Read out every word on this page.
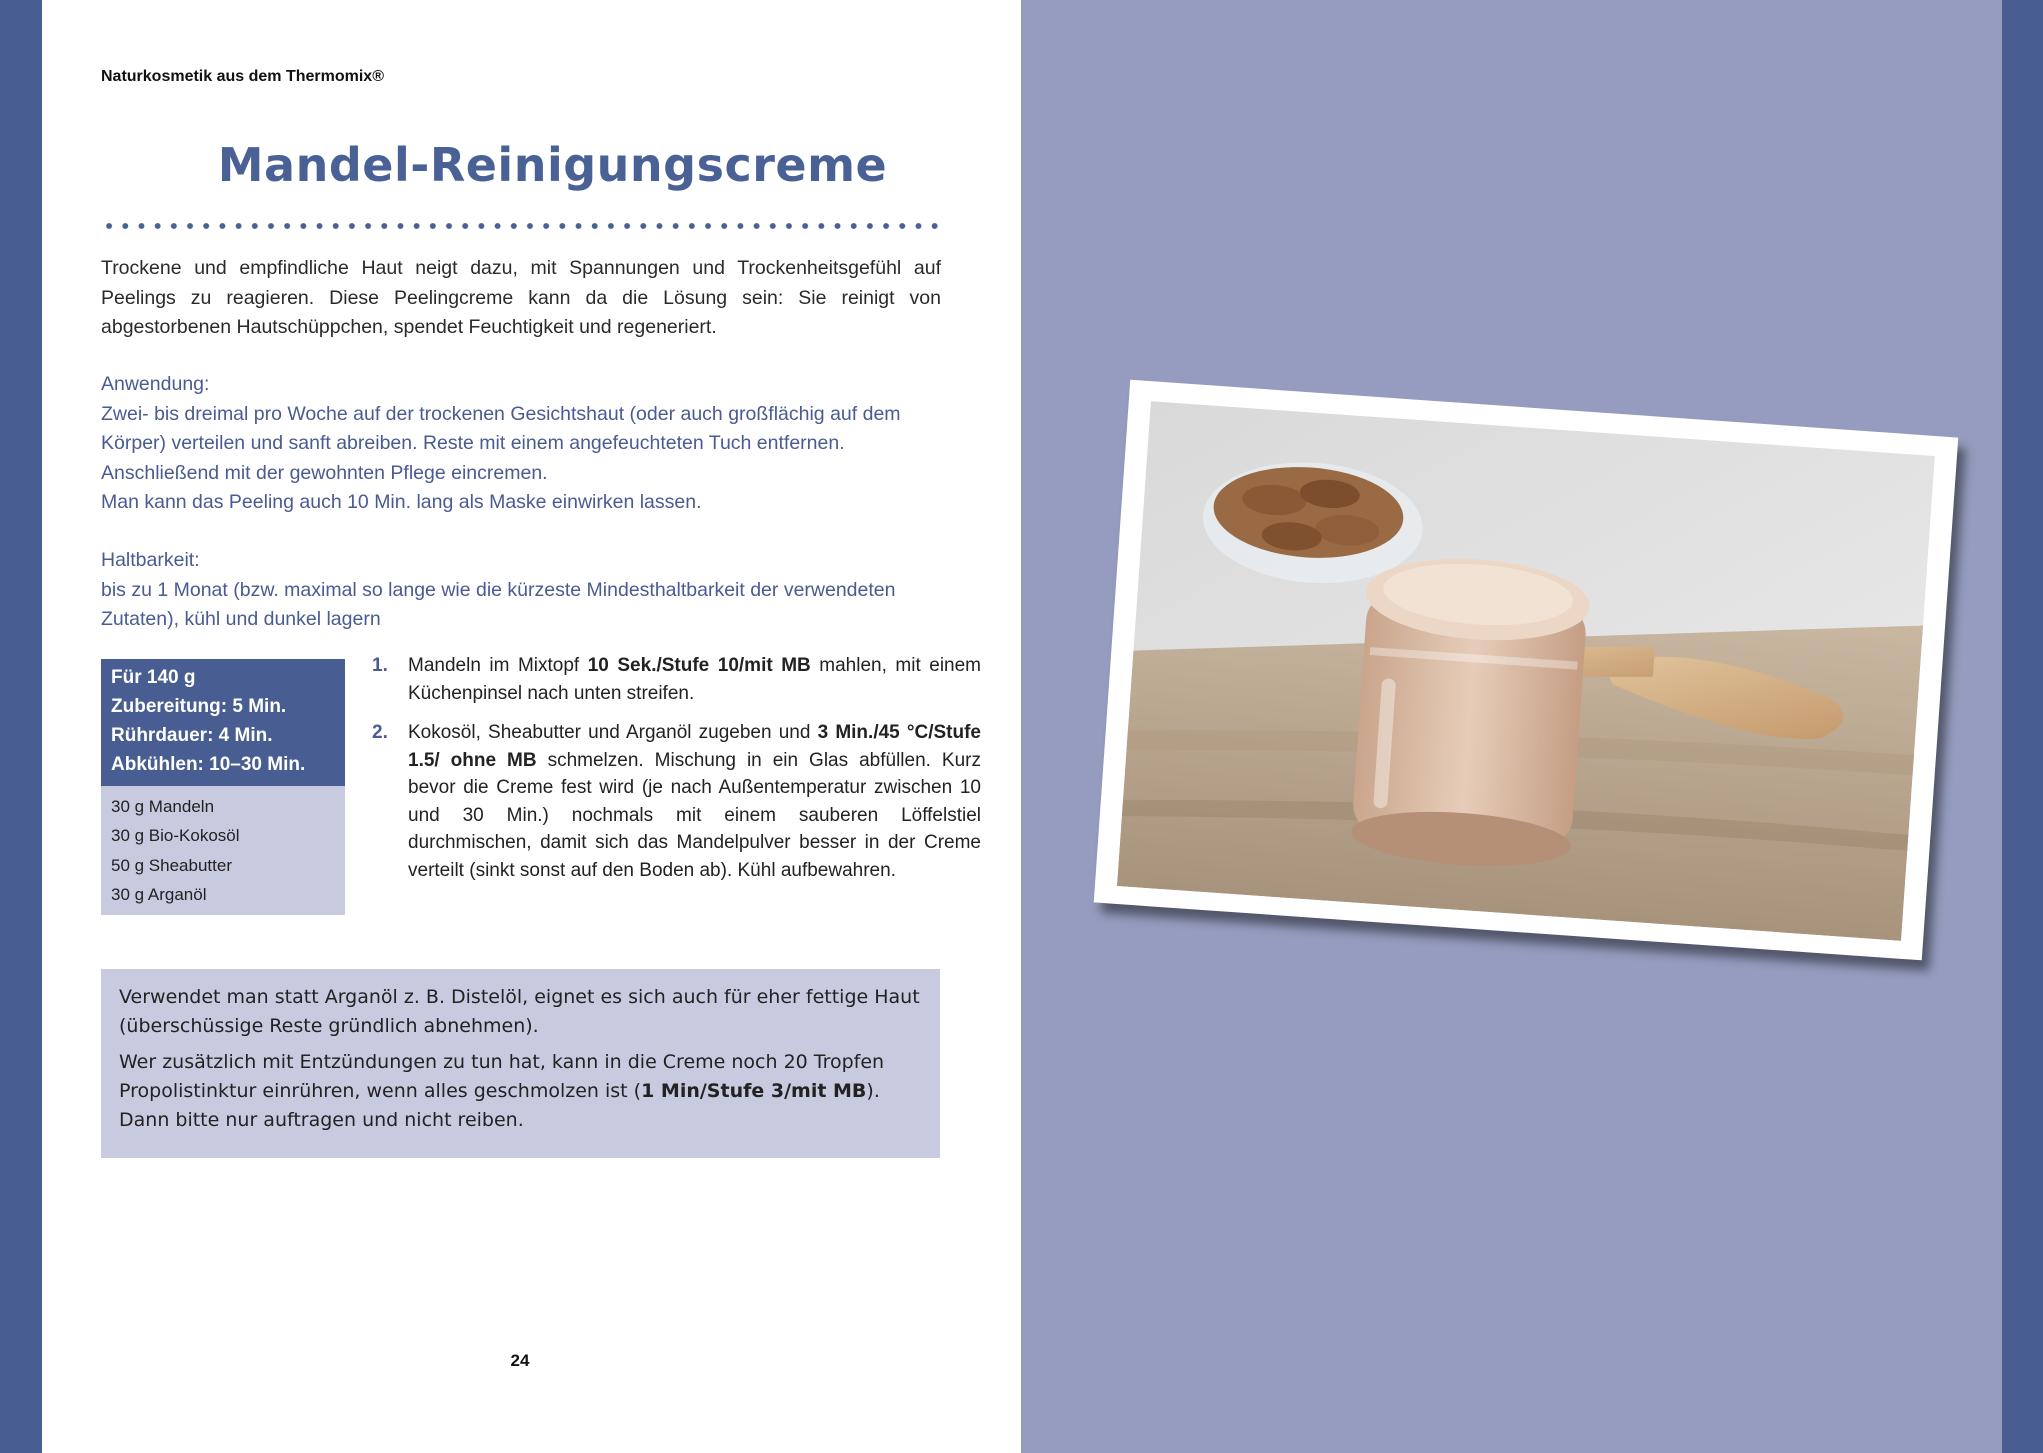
Naturkosmetik aus dem Thermomix®
Mandel-Reinigungscreme
Trockene und empfindliche Haut neigt dazu, mit Spannungen und Trockenheitsgefühl auf Peelings zu reagieren. Diese Peelingcreme kann da die Lösung sein: Sie reinigt von abgestorbenen Hautschüppchen, spendet Feuchtigkeit und regeneriert.

Anwendung:

Zwei- bis dreimal pro Woche auf der trockenen Gesichtshaut (oder auch großflächig auf dem Körper) verteilen und sanft abreiben. Reste mit einem angefeuchteten Tuch entfernen. Anschließend mit der gewohnten Pflege eincremen.

Man kann das Peeling auch 10 Min. lang als Maske einwirken lassen.

Haltbarkeit:

bis zu 1 Monat (bzw. maximal so lange wie die kürzeste Mindesthaltbarkeit der verwendeten Zutaten), kühl und dunkel lagern

Für 140 g
Zubereitung: 5 Min.
Rührdauer: 4 Min.
Abkühlen: 10–30 Min.
30 g Mandeln
30 g Bio-Kokosöl
50 g Sheabutter
30 g Arganöl
1. Mandeln im Mixtopf 10 Sek./Stufe 10/mit MB mahlen, mit einem Küchenpinsel nach unten streifen.
2. Kokosöl, Sheabutter und Arganöl zugeben und 3 Min./45 °C/Stufe 1.5/ ohne MB schmelzen. Mischung in ein Glas abfüllen. Kurz bevor die Creme fest wird (je nach Außentemperatur zwischen 10 und 30 Min.) nochmals mit einem sauberen Löffelstiel durchmischen, damit sich das Mandelpulver besser in der Creme verteilt (sinkt sonst auf den Boden ab). Kühl aufbewahren.

Verwendet man statt Arganöl z. B. Distelöl, eignet es sich auch für eher fettige Haut (überschüssige Reste gründlich abnehmen).

Wer zusätzlich mit Entzündungen zu tun hat, kann in die Creme noch 20 Tropfen Propolistinktur einrühren, wenn alles geschmolzen ist (1 Min/Stufe 3/mit MB). Dann bitte nur auftragen und nicht reiben.

24
